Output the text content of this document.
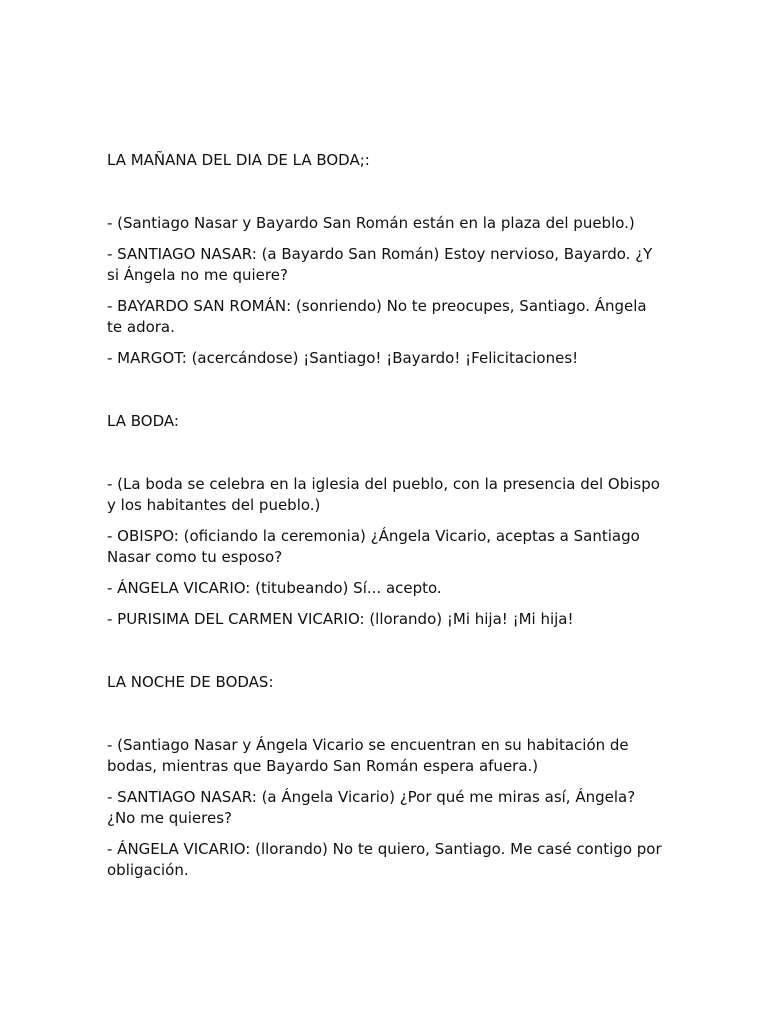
LA MAÑANA DEL DIA DE LA BODA;:

- (Santiago Nasar y Bayardo San Román están en la plaza del pueblo.)

- SANTIAGO NASAR: (a Bayardo San Román) Estoy nervioso, Bayardo. ¿Y si Ángela no me quiere?

- BAYARDO SAN ROMÁN: (sonriendo) No te preocupes, Santiago. Ángela te adora.

- MARGOT: (acercándose) ¡Santiago! ¡Bayardo! ¡Felicitaciones!

LA BODA:

- (La boda se celebra en la iglesia del pueblo, con la presencia del Obispo y los habitantes del pueblo.)

- OBISPO: (oficiando la ceremonia) ¿Ángela Vicario, aceptas a Santiago Nasar como tu esposo?

- ÁNGELA VICARIO: (titubeando) Sí... acepto.

- PURISIMA DEL CARMEN VICARIO: (llorando) ¡Mi hija! ¡Mi hija!

LA NOCHE DE BODAS:

- (Santiago Nasar y Ángela Vicario se encuentran en su habitación de bodas, mientras que Bayardo San Román espera afuera.)

- SANTIAGO NASAR: (a Ángela Vicario) ¿Por qué me miras así, Ángela? ¿No me quieres?

- ÁNGELA VICARIO: (llorando) No te quiero, Santiago. Me casé contigo por obligación.
